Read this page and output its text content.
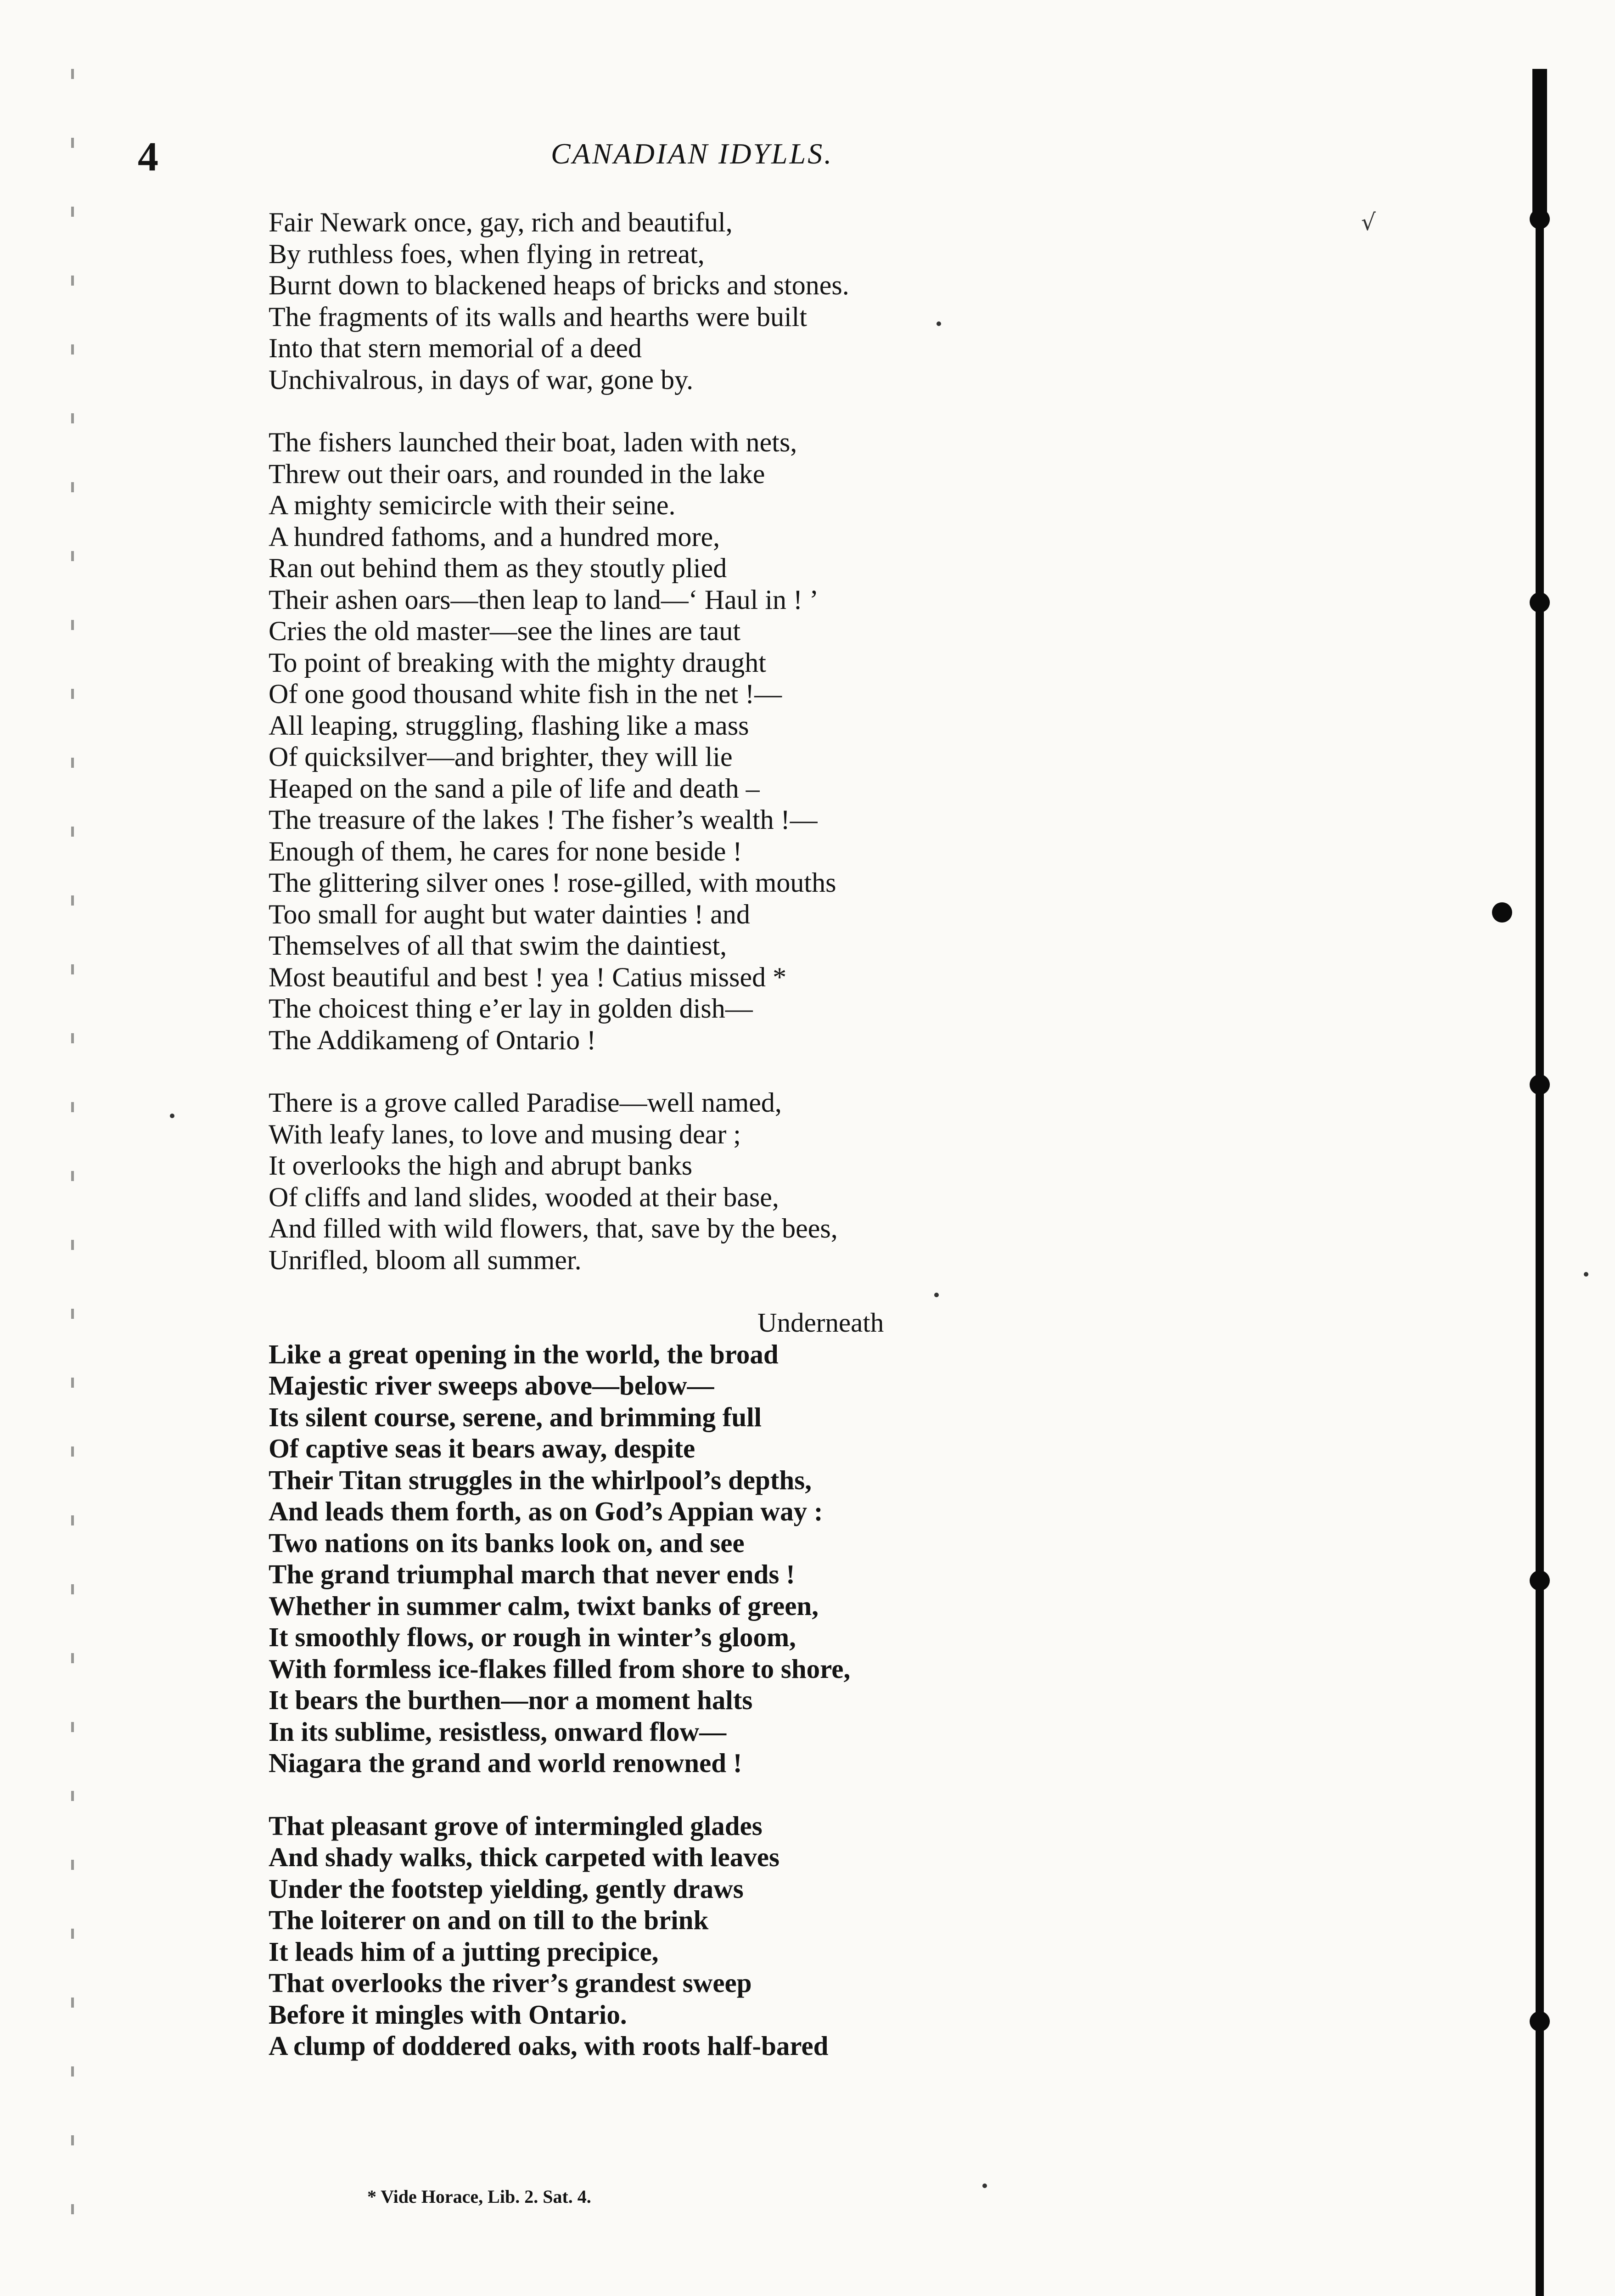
4	CANADIAN IDYLLS.
Fair Newark once, gay, rich and beautiful,
By ruthless foes, when flying in retreat,
Burnt down to blackened heaps of bricks and stones.
The fragments of its walls and hearths were built
Into that stern memorial of a deed
Unchivalrous, in days of war, gone by.
The fishers launched their boat, laden with nets,
Threw out their oars, and rounded in the lake
A mighty semicircle with their seine.
A hundred fathoms, and a hundred more,
Ran out behind them as they stoutly plied
Their ashen oars—then leap to land—‘ Haul in ! ’
Cries the old master—see the lines are taut
To point of breaking with the mighty draught
Of one good thousand white fish in the net !—
All leaping, struggling, flashing like a mass
Of quicksilver—and brighter, they will lie
Heaped on the sand a pile of life and death –
The treasure of the lakes ! The fisher’s wealth !—
Enough of them, he cares for none beside !
The glittering silver ones ! rose-gilled, with mouths
Too small for aught but water dainties ! and
Themselves of all that swim the daintiest,
Most beautiful and best ! yea ! Catius missed *
The choicest thing e’er lay in golden dish—
The Addikameng of Ontario !
There is a grove called Paradise—well named,
With leafy lanes, to love and musing dear ;
It overlooks the high and abrupt banks
Of cliffs and land slides, wooded at their base,
And filled with wild flowers, that, save by the bees,
Unrifled, bloom all summer.
Underneath
Like a great opening in the world, the broad
Majestic river sweeps above—below—
Its silent course, serene, and brimming full
Of captive seas it bears away, despite
Their Titan struggles in the whirlpool’s depths,
And leads them forth, as on God’s Appian way :
Two nations on its banks look on, and see
The grand triumphal march that never ends !
Whether in summer calm, twixt banks of green,
It smoothly flows, or rough in winter’s gloom,
With formless ice-flakes filled from shore to shore,
It bears the burthen—nor a moment halts
In its sublime, resistless, onward flow—
Niagara the grand and world renowned !
That pleasant grove of intermingled glades
And shady walks, thick carpeted with leaves
Under the footstep yielding, gently draws
The loiterer on and on till to the brink
It leads him of a jutting precipice,
That overlooks the river’s grandest sweep
Before it mingles with Ontario.
A clump of doddered oaks, with roots half-bared
* Vide Horace, Lib. 2. Sat. 4.
√
